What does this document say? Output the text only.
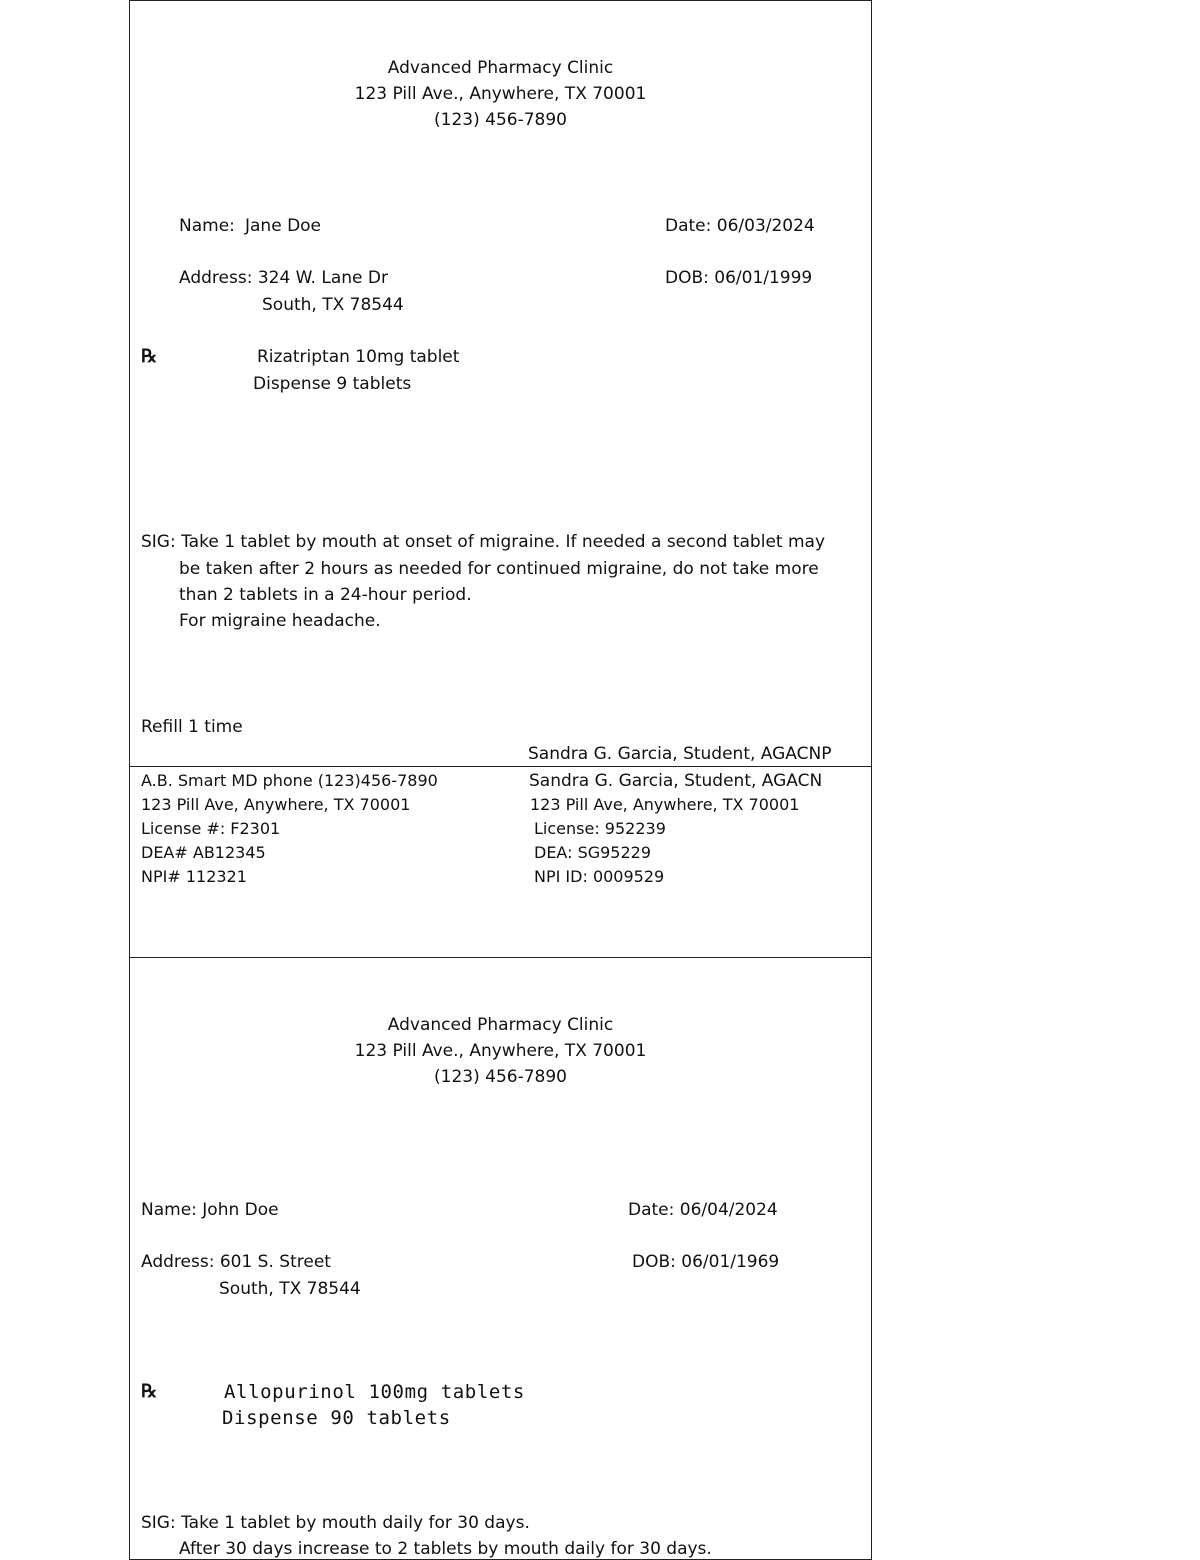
Advanced Pharmacy Clinic
123 Pill Ave., Anywhere, TX 70001
(123) 456-7890
Name: Jane Doe	Date: 06/03/2024
Address: 324 W. Lane Dr
South, TX 78544
DOB: 06/01/1999
℞	Rizatriptan 10mg tablet
Dispense 9 tablets
SIG: Take 1 tablet by mouth at onset of migraine. If needed a second tablet may
be taken after 2 hours as needed for continued migraine, do not take more
than 2 tablets in a 24-hour period.
For migraine headache.
Refill 1 time
Sandra G. Garcia, Student, AGACNP
A.B. Smart MD phone (123)456-7890
123 Pill Ave, Anywhere, TX 70001
License #: F2301
DEA# AB12345
NPI# 112321
Sandra G. Garcia, Student, AGACN
123 Pill Ave, Anywhere, TX 70001
License: 952239
DEA: SG95229
NPI ID: 0009529
Advanced Pharmacy Clinic
123 Pill Ave., Anywhere, TX 70001
(123) 456-7890
Name: John Doe	Date: 06/04/2024
Address: 601 S. Street
South, TX 78544
DOB: 06/01/1969
℞	Allopurinol 100mg tablets
Dispense 90 tablets
SIG: Take 1 tablet by mouth daily for 30 days.
After 30 days increase to 2 tablets by mouth daily for 30 days.
